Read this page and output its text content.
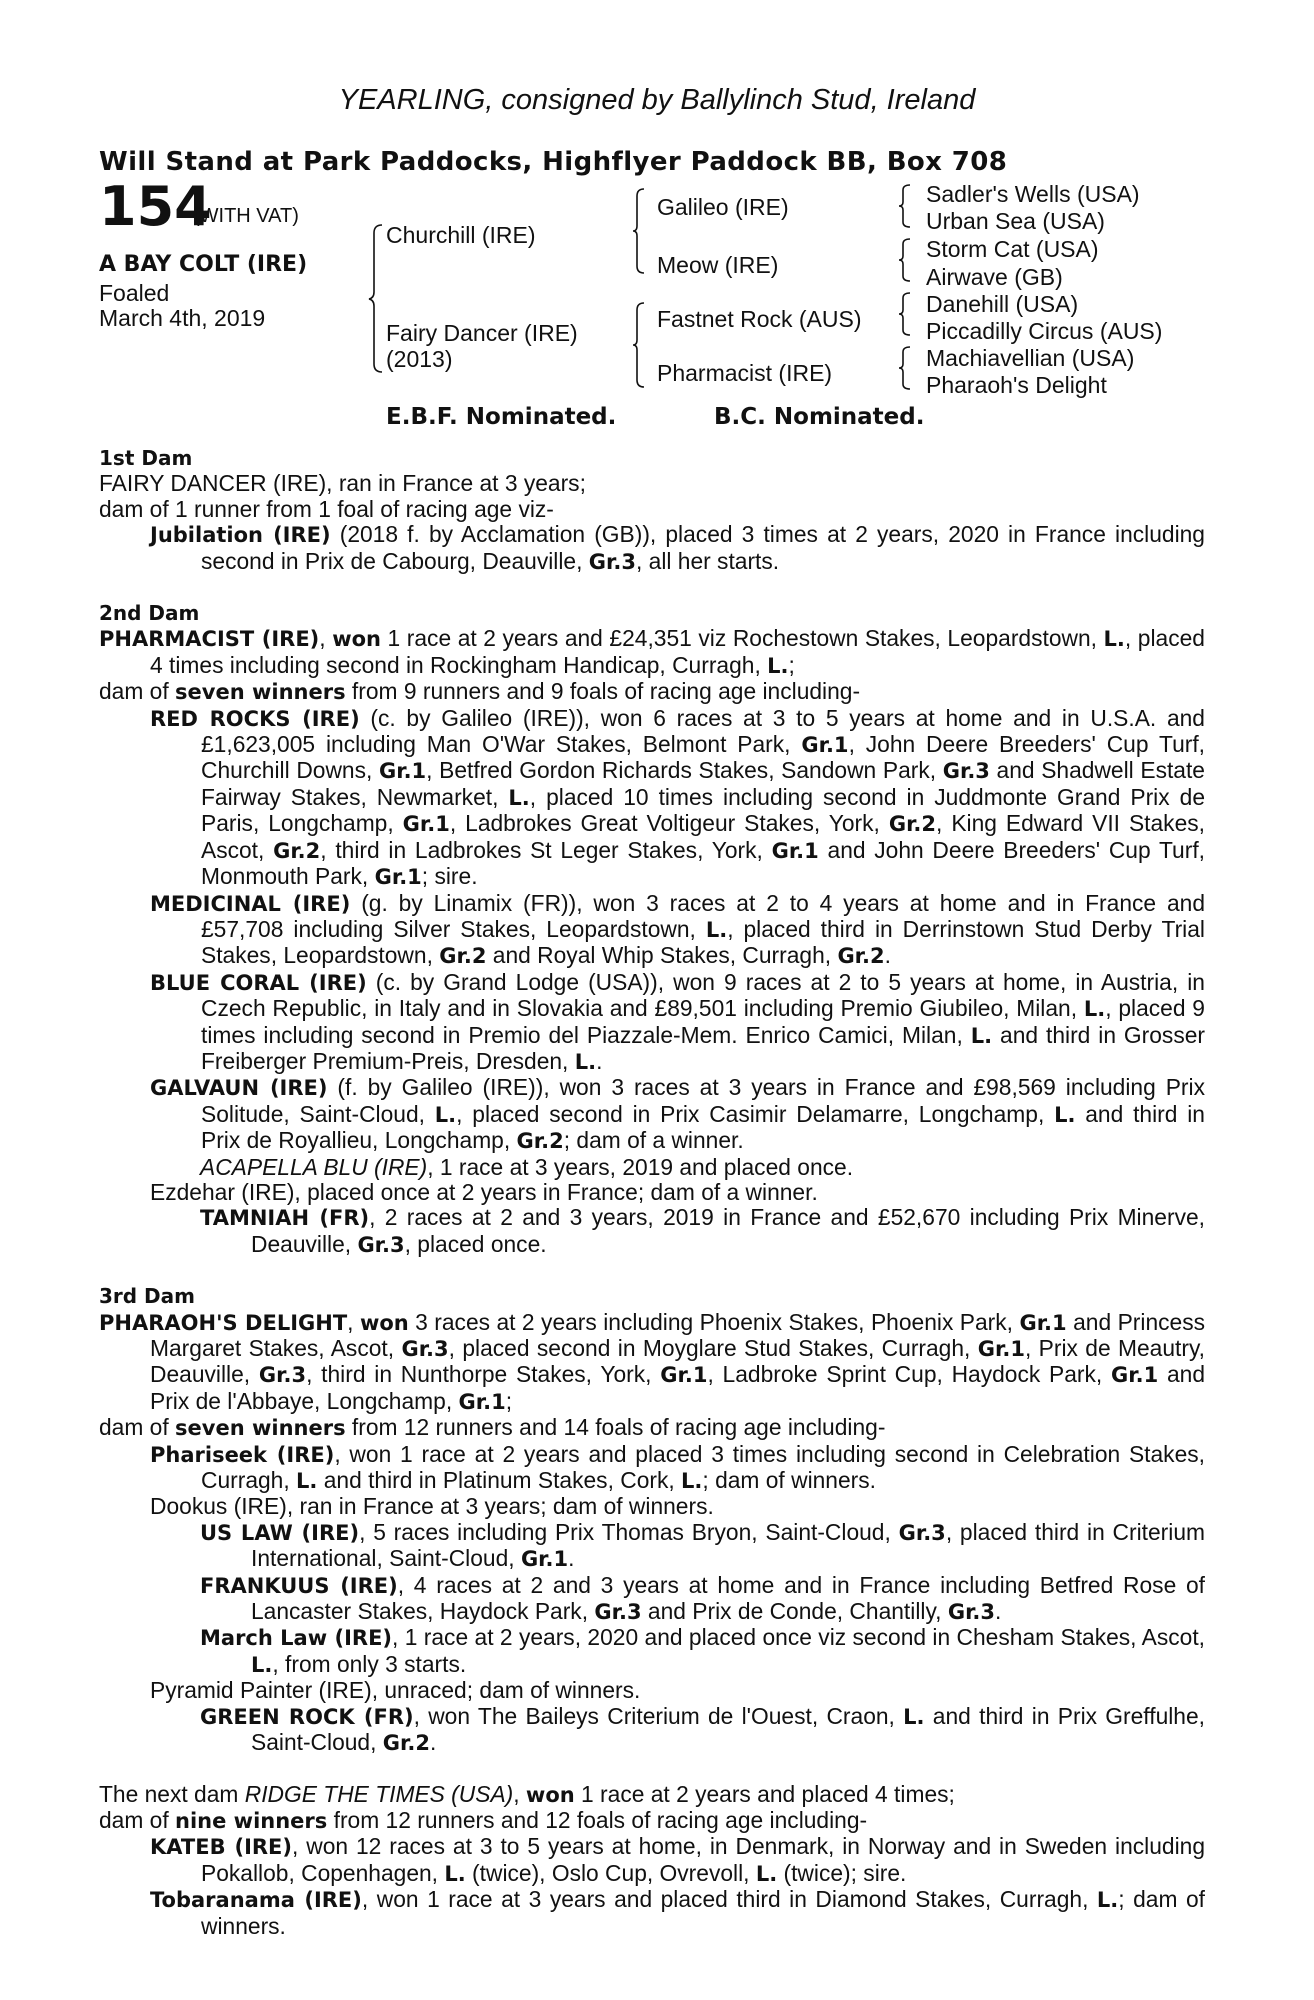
YEARLING, consigned by Ballylinch Stud, Ireland
Will Stand at Park Paddocks, Highflyer Paddock BB, Box 708
154
(WITH VAT)
A BAY COLT (IRE)
Foaled
March 4th, 2019
Churchill (IRE)
Fairy Dancer (IRE)
(2013)
Galileo (IRE)
Meow (IRE)
Fastnet Rock (AUS)
Pharmacist (IRE)
Sadler's Wells (USA)
Urban Sea (USA)
Storm Cat (USA)
Airwave (GB)
Danehill (USA)
Piccadilly Circus (AUS)
Machiavellian (USA)
Pharaoh's Delight
E.B.F. Nominated.	B.C. Nominated.

1st Dam

FAIRY DANCER (IRE), ran in France at 3 years;

dam of 1 runner from 1 foal of racing age viz-

Jubilation (IRE) (2018 f. by Acclamation (GB)), placed 3 times at 2 years, 2020 in France including second in Prix de Cabourg, Deauville, Gr.3, all her starts.

2nd Dam

PHARMACIST (IRE), won 1 race at 2 years and £24,351 viz Rochestown Stakes, Leopardstown, L., placed 4 times including second in Rockingham Handicap, Curragh, L.;

dam of seven winners from 9 runners and 9 foals of racing age including-

RED ROCKS (IRE) (c. by Galileo (IRE)), won 6 races at 3 to 5 years at home and in U.S.A. and £1,623,005 including Man O'War Stakes, Belmont Park, Gr.1, John Deere Breeders' Cup Turf, Churchill Downs, Gr.1, Betfred Gordon Richards Stakes, Sandown Park, Gr.3 and Shadwell Estate Fairway Stakes, Newmarket, L., placed 10 times including second in Juddmonte Grand Prix de Paris, Longchamp, Gr.1, Ladbrokes Great Voltigeur Stakes, York, Gr.2, King Edward VII Stakes, Ascot, Gr.2, third in Ladbrokes St Leger Stakes, York, Gr.1 and John Deere Breeders' Cup Turf, Monmouth Park, Gr.1; sire.

MEDICINAL (IRE) (g. by Linamix (FR)), won 3 races at 2 to 4 years at home and in France and £57,708 including Silver Stakes, Leopardstown, L., placed third in Derrinstown Stud Derby Trial Stakes, Leopardstown, Gr.2 and Royal Whip Stakes, Curragh, Gr.2.

BLUE CORAL (IRE) (c. by Grand Lodge (USA)), won 9 races at 2 to 5 years at home, in Austria, in Czech Republic, in Italy and in Slovakia and £89,501 including Premio Giubileo, Milan, L., placed 9 times including second in Premio del Piazzale-Mem. Enrico Camici, Milan, L. and third in Grosser Freiberger Premium-Preis, Dresden, L..

GALVAUN (IRE) (f. by Galileo (IRE)), won 3 races at 3 years in France and £98,569 including Prix Solitude, Saint-Cloud, L., placed second in Prix Casimir Delamarre, Longchamp, L. and third in Prix de Royallieu, Longchamp, Gr.2; dam of a winner.

ACAPELLA BLU (IRE), 1 race at 3 years, 2019 and placed once.

Ezdehar (IRE), placed once at 2 years in France; dam of a winner.

TAMNIAH (FR), 2 races at 2 and 3 years, 2019 in France and £52,670 including Prix Minerve, Deauville, Gr.3, placed once.

3rd Dam

PHARAOH'S DELIGHT, won 3 races at 2 years including Phoenix Stakes, Phoenix Park, Gr.1 and Princess Margaret Stakes, Ascot, Gr.3, placed second in Moyglare Stud Stakes, Curragh, Gr.1, Prix de Meautry, Deauville, Gr.3, third in Nunthorpe Stakes, York, Gr.1, Ladbroke Sprint Cup, Haydock Park, Gr.1 and Prix de l'Abbaye, Longchamp, Gr.1;

dam of seven winners from 12 runners and 14 foals of racing age including-

Phariseek (IRE), won 1 race at 2 years and placed 3 times including second in Celebration Stakes, Curragh, L. and third in Platinum Stakes, Cork, L.; dam of winners.

Dookus (IRE), ran in France at 3 years; dam of winners.

US LAW (IRE), 5 races including Prix Thomas Bryon, Saint-Cloud, Gr.3, placed third in Criterium International, Saint-Cloud, Gr.1.

FRANKUUS (IRE), 4 races at 2 and 3 years at home and in France including Betfred Rose of Lancaster Stakes, Haydock Park, Gr.3 and Prix de Conde, Chantilly, Gr.3.

March Law (IRE), 1 race at 2 years, 2020 and placed once viz second in Chesham Stakes, Ascot, L., from only 3 starts.

Pyramid Painter (IRE), unraced; dam of winners.

GREEN ROCK (FR), won The Baileys Criterium de l'Ouest, Craon, L. and third in Prix Greffulhe, Saint-Cloud, Gr.2.

The next dam RIDGE THE TIMES (USA), won 1 race at 2 years and placed 4 times;

dam of nine winners from 12 runners and 12 foals of racing age including-

KATEB (IRE), won 12 races at 3 to 5 years at home, in Denmark, in Norway and in Sweden including Pokallob, Copenhagen, L. (twice), Oslo Cup, Ovrevoll, L. (twice); sire.

Tobaranama (IRE), won 1 race at 3 years and placed third in Diamond Stakes, Curragh, L.; dam of winners.
